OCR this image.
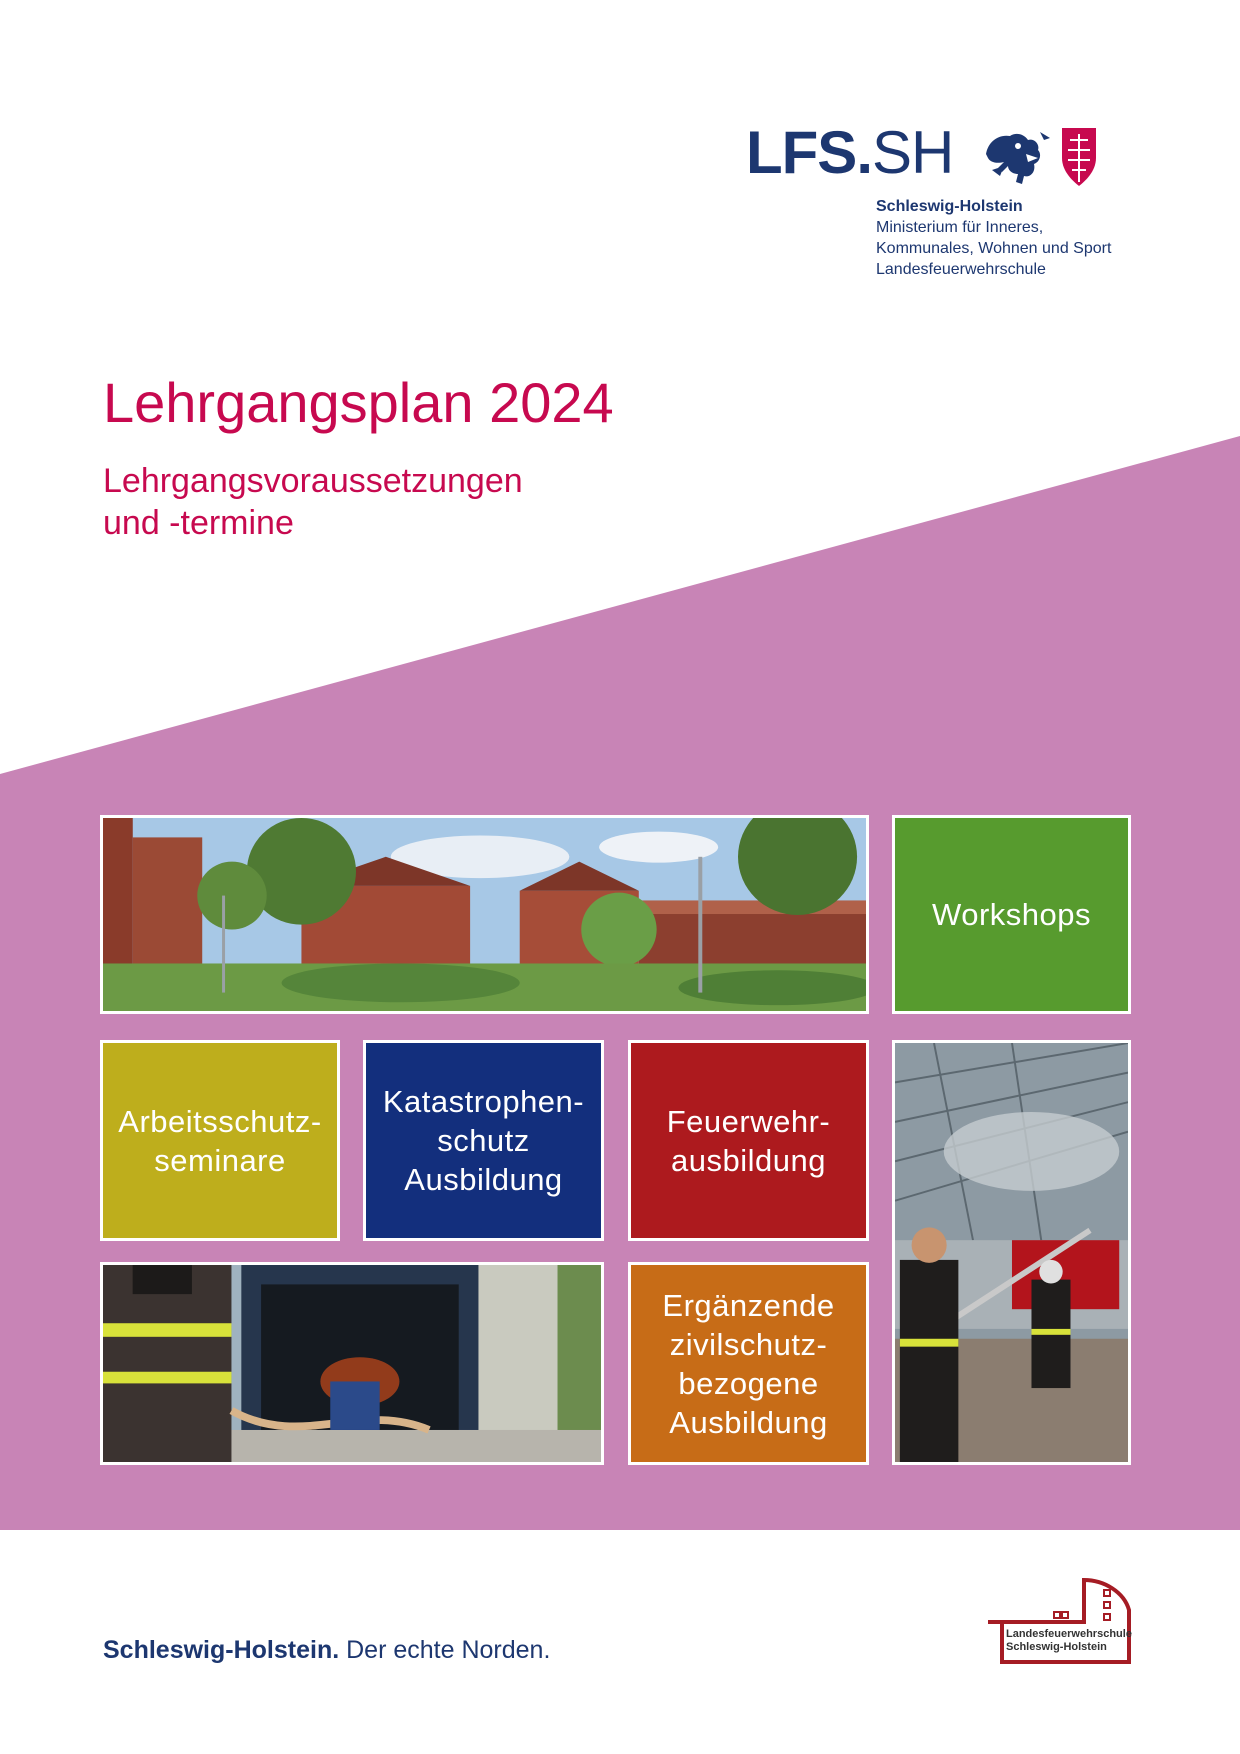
LFS.SH
Schleswig-Holstein
Ministerium für Inneres,
Kommunales, Wohnen und Sport
Landesfeuerwehrschule
Lehrgangsplan 2024
Lehrgangsvoraussetzungen
und -termine
Workshops
Arbeitsschutz-
seminare
Katastrophen-
schutz
Ausbildung
Feuerwehr-
ausbildung
Ergänzende
zivilschutz-
bezogene
Ausbildung
Schleswig-Holstein. Der echte Norden.
Landesfeuerwehrschule
Schleswig-Holstein
